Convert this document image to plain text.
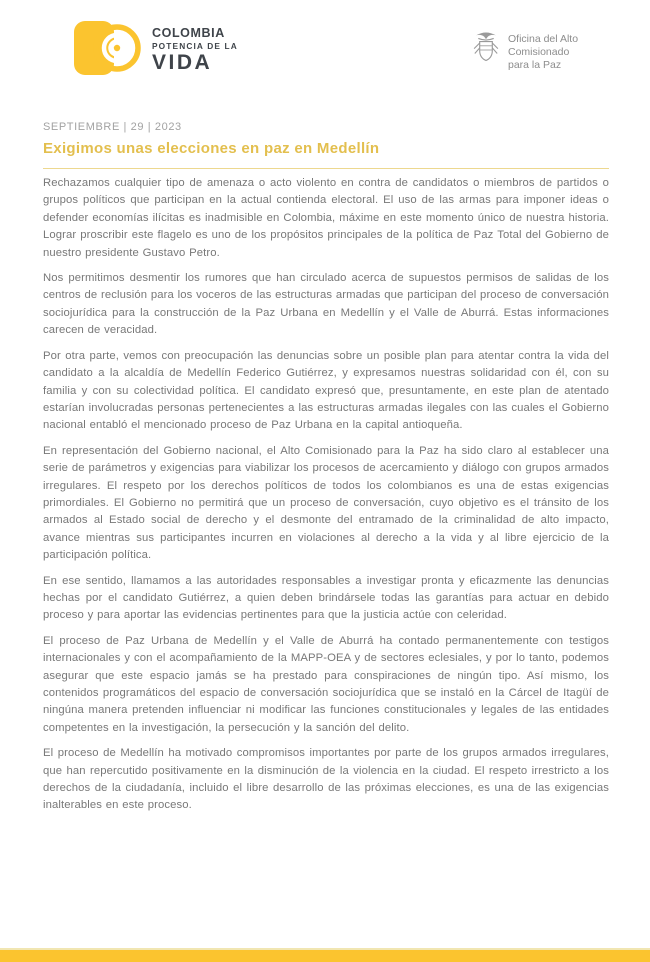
COLOMBIA
POTENCIA DE LA
VIDA
Oficina del Alto
Comisionado
para la Paz
SEPTIEMBRE | 29 | 2023
Exigimos unas elecciones en paz en Medellín

Rechazamos cualquier tipo de amenaza o acto violento en contra de candidatos o miembros de partidos o grupos políticos que participan en la actual contienda electoral. El uso de las armas para imponer ideas o defender economías ilícitas es inadmisible en Colombia, máxime en este momento único de nuestra historia. Lograr proscribir este flagelo es uno de los propósitos principales de la política de Paz Total del Gobierno de nuestro presidente Gustavo Petro.

Nos permitimos desmentir los rumores que han circulado acerca de supuestos permisos de salidas de los centros de reclusión para los voceros de las estructuras armadas que participan del proceso de conversación sociojurídica para la construcción de la Paz Urbana en Medellín y el Valle de Aburrá. Estas informaciones carecen de veracidad.

Por otra parte, vemos con preocupación las denuncias sobre un posible plan para atentar contra la vida del candidato a la alcaldía de Medellín Federico Gutiérrez, y expresamos nuestras solidaridad con él, con su familia y con su colectividad política. El candidato expresó que, presuntamente, en este plan de atentado estarían involucradas personas pertenecientes a las estructuras armadas ilegales con las cuales el Gobierno nacional entabló el mencionado proceso de Paz Urbana en la capital antioqueña.

En representación del Gobierno nacional, el Alto Comisionado para la Paz ha sido claro al establecer una serie de parámetros y exigencias para viabilizar los procesos de acercamiento y diálogo con grupos armados irregulares. El respeto por los derechos políticos de todos los colombianos es una de estas exigencias primordiales. El Gobierno no permitirá que un proceso de conversación, cuyo objetivo es el tránsito de los armados al Estado social de derecho y el desmonte del entramado de la criminalidad de alto impacto, avance mientras sus participantes incurren en violaciones al derecho a la vida y al libre ejercicio de la participación política.

En ese sentido, llamamos a las autoridades responsables a investigar pronta y eficazmente las denuncias hechas por el candidato Gutiérrez, a quien deben brindársele todas las garantías para actuar en debido proceso y para aportar las evidencias pertinentes para que la justicia actúe con celeridad.

El proceso de Paz Urbana de Medellín y el Valle de Aburrá ha contado permanentemente con testigos internacionales y con el acompañamiento de la MAPP-OEA y de sectores eclesiales, y por lo tanto, podemos asegurar que este espacio jamás se ha prestado para conspiraciones de ningún tipo. Así mismo, los contenidos programáticos del espacio de conversación sociojurídica que se instaló en la Cárcel de Itagüí de ningúna manera pretenden influenciar ni modificar las funciones constitucionales y legales de las entidades competentes en la investigación, la persecución y la sanción del delito.

El proceso de Medellín ha motivado compromisos importantes por parte de los grupos armados irregulares, que han repercutido positivamente en la disminución de la violencia en la ciudad. El respeto irrestricto a los derechos de la ciudadanía, incluido el libre desarrollo de las próximas elecciones, es una de las exigencias inalterables en este proceso.
